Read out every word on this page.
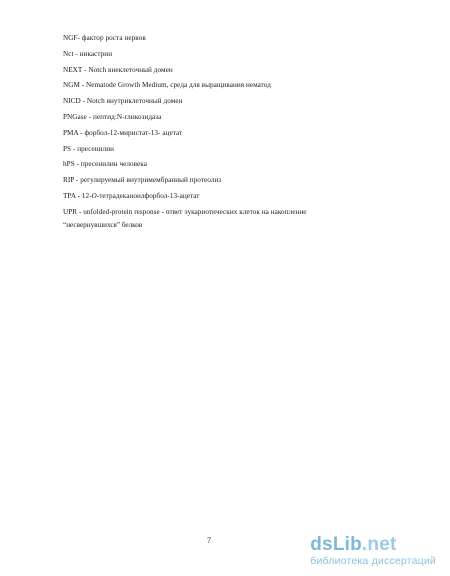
NGF- фактор роста нервов
Nct - никастрин
NEXT - Notch внеклеточный домен
NGM - Nematode Growth Medium, среда для выращивания нематод
NICD - Notch внутриклеточный домен
PNGase - пептид:N-гликозидаза
PMA - форбол-12-миристат-13- ацетат
PS - пресенилин
hPS - пресенилин человека
RIP - регулируемый внутримембранный протеолиз
TPA - 12-O-тетрадеканоилфорбол-13-ацетат
UPR - unfolded-protein response - ответ эукариотических клеток на накопление
“несвернувшихся” белков
7	dsLib.net
библиотека диссертаций
